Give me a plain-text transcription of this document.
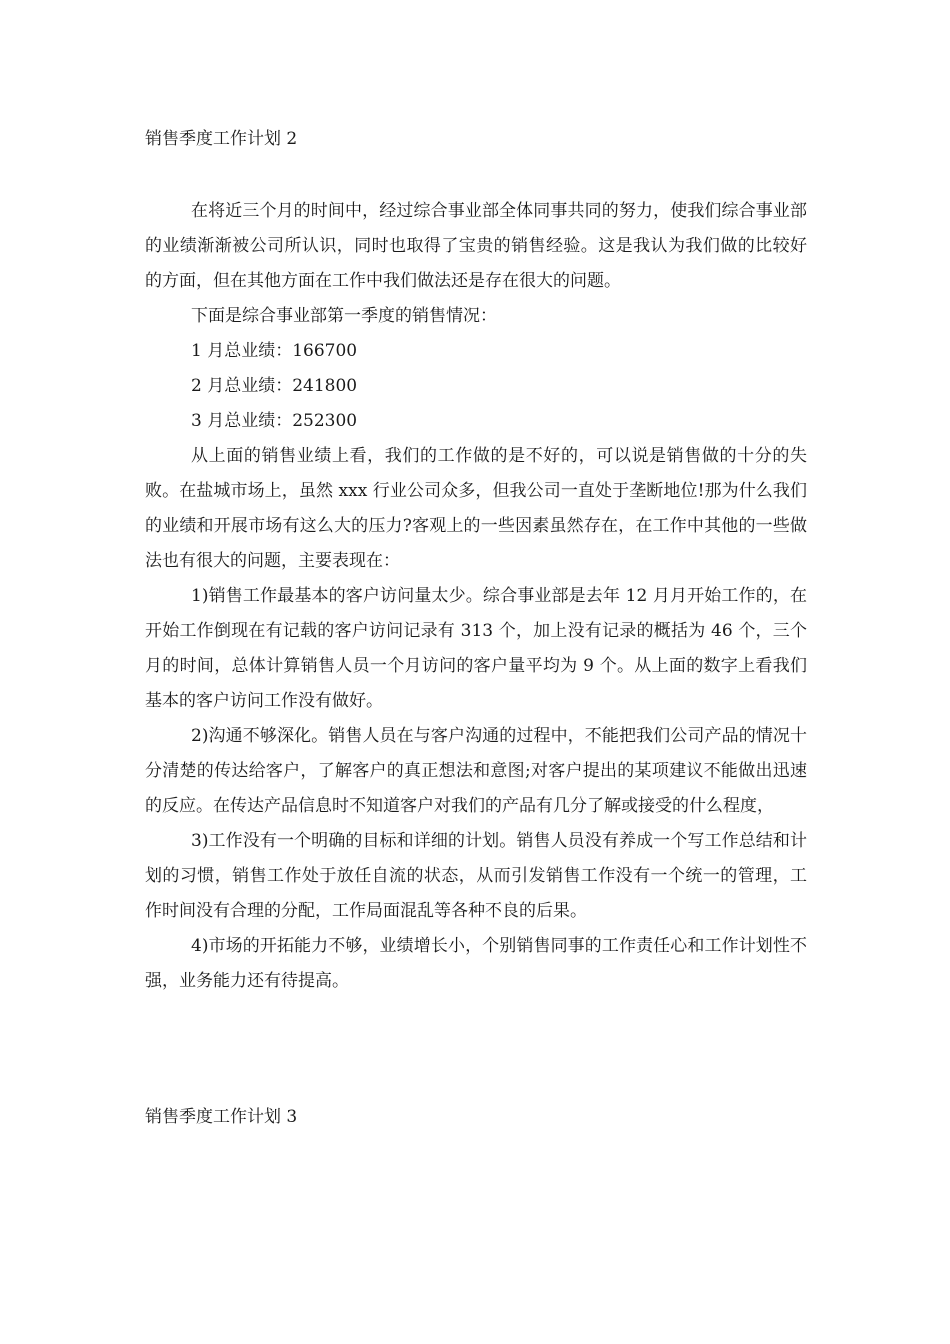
销售季度工作计划 2

在将近三个月的时间中，经过综合事业部全体同事共同的努力，使我们综合事业部的业绩渐渐被公司所认识，同时也取得了宝贵的销售经验。这是我认为我们做的比较好的方面，但在其他方面在工作中我们做法还是存在很大的问题。

下面是综合事业部第一季度的销售情况：

1 月总业绩：166700

2 月总业绩：241800

3 月总业绩：252300

从上面的销售业绩上看，我们的工作做的是不好的，可以说是销售做的十分的失败。在盐城市场上，虽然 xxx 行业公司众多，但我公司一直处于垄断地位!那为什么我们的业绩和开展市场有这么大的压力?客观上的一些因素虽然存在，在工作中其他的一些做法也有很大的问题，主要表现在：

1)销售工作最基本的客户访问量太少。综合事业部是去年 12 月月开始工作的，在开始工作倒现在有记载的客户访问记录有 313 个，加上没有记录的概括为 46 个，三个月的时间，总体计算销售人员一个月访问的客户量平均为 9 个。从上面的数字上看我们基本的客户访问工作没有做好。

2)沟通不够深化。销售人员在与客户沟通的过程中，不能把我们公司产品的情况十分清楚的传达给客户，了解客户的真正想法和意图;对客户提出的某项建议不能做出迅速的反应。在传达产品信息时不知道客户对我们的产品有几分了解或接受的什么程度，

3)工作没有一个明确的目标和详细的计划。销售人员没有养成一个写工作总结和计划的习惯，销售工作处于放任自流的状态，从而引发销售工作没有一个统一的管理，工作时间没有合理的分配，工作局面混乱等各种不良的后果。

4)市场的开拓能力不够，业绩增长小，个别销售同事的工作责任心和工作计划性不强，业务能力还有待提高。

销售季度工作计划 3
